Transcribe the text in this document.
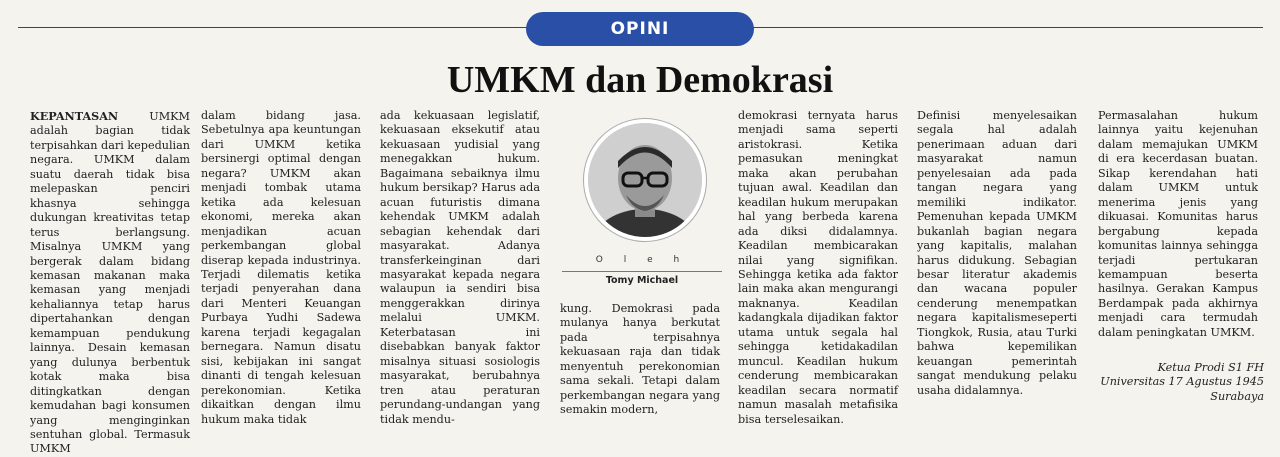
OPINI
UMKM dan Demokrasi

KEPANTASAN UMKM adalah bagian tidak terpisahkan dari kepedulian negara. UMKM dalam suatu daerah tidak bisa melepaskan penciri khasnya sehingga dukungan kreativitas tetap terus berlangsung. Misalnya UMKM yang bergerak dalam bidang kemasan makanan maka kemasan yang menjadi kehaliannya tetap harus dipertahankan dengan kemampuan pendukung lainnya. Desain kemasan yang dulunya berbentuk kotak maka bisa ditingkatkan dengan kemudahan bagi konsumen yang menginginkan sentuhan global. Termasuk UMKM

dalam bidang jasa. Sebetulnya apa keuntungan dari UMKM ketika bersinergi optimal dengan negara? UMKM akan menjadi tombak utama ketika ada kelesuan ekonomi, mereka akan menjadikan acuan perkembangan global diserap kepada industrinya. Terjadi dilematis ketika terjadi penyerahan dana dari Menteri Keuangan Purbaya Yudhi Sadewa karena terjadi kegagalan bernegara. Namun disatu sisi, kebijakan ini sangat dinanti di tengah kelesuan perekonomian. Ketika dikaitkan dengan ilmu hukum maka tidak

ada kekuasaan legislatif, kekuasaan eksekutif atau kekuasaan yudisial yang menegakkan hukum. Bagaimana sebaiknya ilmu hukum bersikap? Harus ada acuan futuristis dimana kehendak UMKM adalah sebagian kehendak dari masyarakat. Adanya transferkeinginan dari masyarakat kepada negara walaupun ia sendiri bisa menggerakkan dirinya melalui UMKM. Keterbatasan ini disebabkan banyak faktor misalnya situasi sosiologis masyarakat, berubahnya tren atau peraturan perundang-undangan yang tidak mendu-

O l e h
Tomy Michael

kung. Demokrasi pada mulanya hanya berkutat pada terpisahnya kekuasaan raja dan tidak menyentuh perekonomian sama sekali. Tetapi dalam perkembangan negara yang semakin modern,

demokrasi ternyata harus menjadi sama seperti aristokrasi. Ketika pemasukan meningkat maka akan perubahan tujuan awal. Keadilan dan keadilan hukum merupakan hal yang berbeda karena ada diksi didalamnya. Keadilan membicarakan nilai yang signifikan. Sehingga ketika ada faktor lain maka akan mengurangi maknanya. Keadilan kadangkala dijadikan faktor utama untuk segala hal sehingga ketidakadilan muncul. Keadilan hukum cenderung membicarakan keadilan secara normatif namun masalah metafisika bisa terselesaikan.

Definisi menyelesaikan segala hal adalah penerimaan aduan dari masyarakat namun penyelesaian ada pada tangan negara yang memiliki indikator. Pemenuhan kepada UMKM bukanlah bagian negara yang kapitalis, malahan harus didukung. Sebagian besar literatur akademis dan wacana populer cenderung menempatkan negara kapitalismeseperti Tiongkok, Rusia, atau Turki bahwa kepemilikan keuangan pemerintah sangat mendukung pelaku usaha didalamnya.

Permasalahan hukum lainnya yaitu kejenuhan dalam memajukan UMKM di era kecerdasan buatan. Sikap kerendahan hati dalam UMKM untuk menerima jenis yang dikuasai. Komunitas harus bergabung kepada komunitas lainnya sehingga terjadi pertukaran kemampuan beserta hasilnya. Gerakan Kampus Berdampak pada akhirnya menjadi cara termudah dalam peningkatan UMKM.

Ketua Prodi S1 FH
Universitas 17 Agustus 1945
Surabaya
